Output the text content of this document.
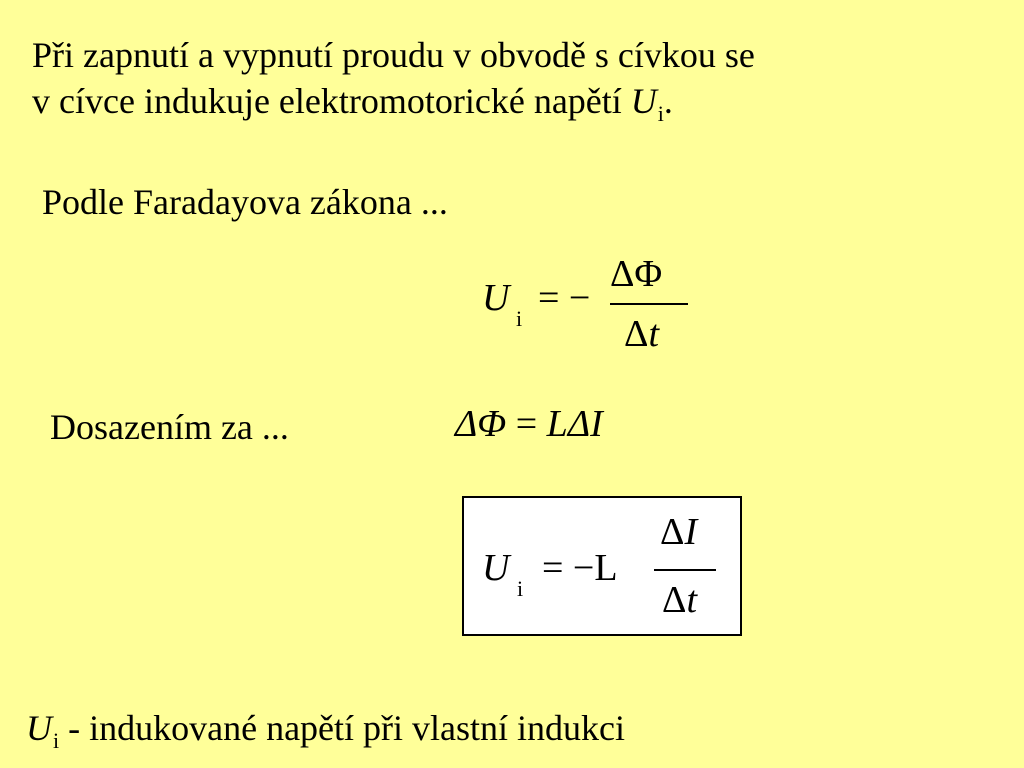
Při zapnutí a vypnutí proudu v obvodě s cívkou se
v cívce indukuje elektromotorické napětí $U_i$.
Podle Faradayova zákona ...
U i = −
ΔΦ
Δt
Dosazením za ...	ΔΦ = LΔI
U i = −L
ΔI
Δt
$U_i$ - indukované napětí při vlastní indukci
